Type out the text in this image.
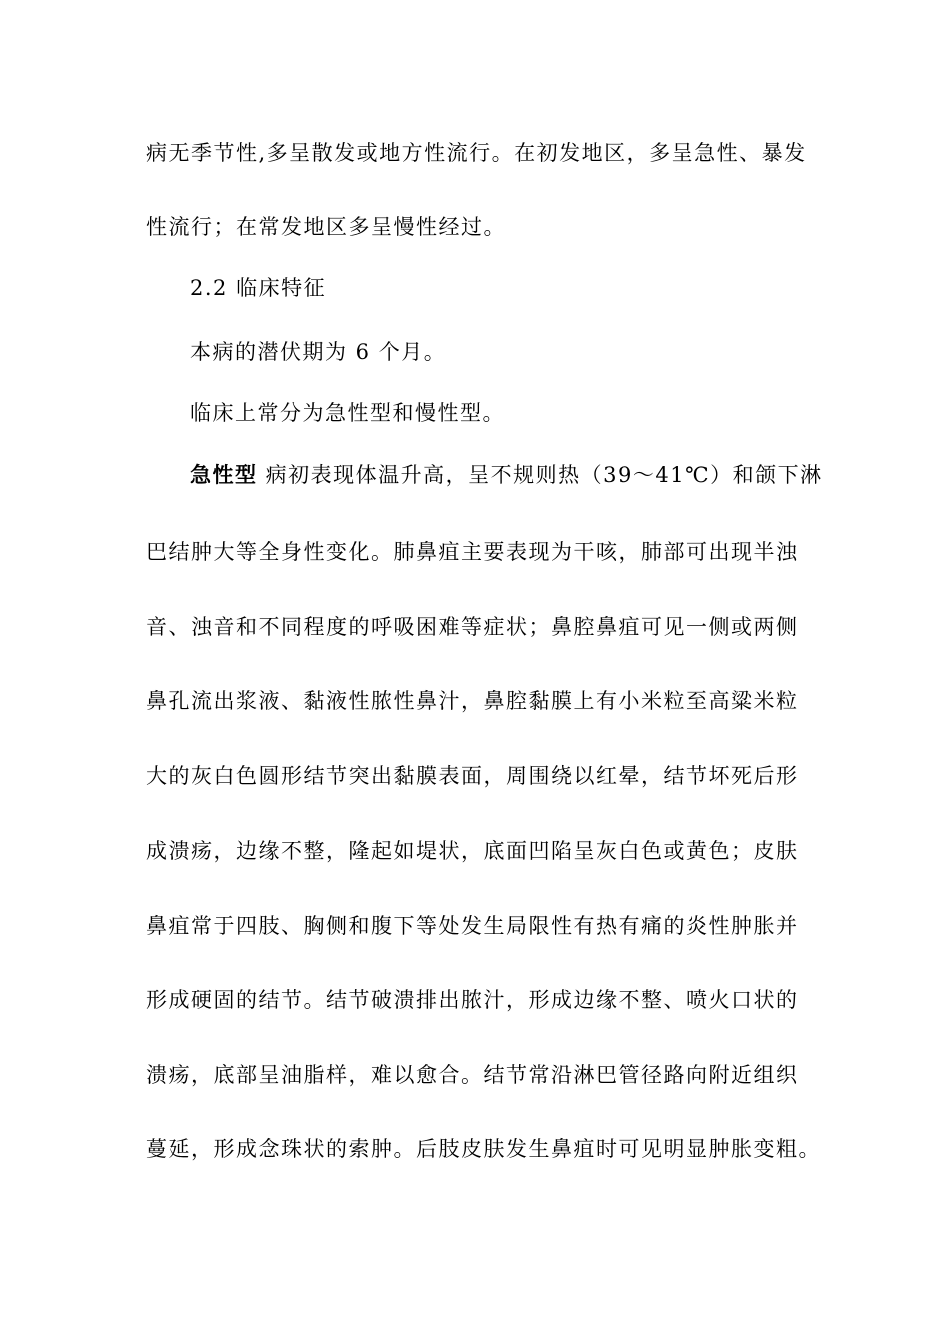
病无季节性,多呈散发或地方性流行。在初发地区，多呈急性、暴发
性流行；在常发地区多呈慢性经过。
2.2 临床特征
本病的潜伏期为 6 个月。
临床上常分为急性型和慢性型。
急性型 病初表现体温升高，呈不规则热（39～41℃）和颌下淋
巴结肿大等全身性变化。肺鼻疽主要表现为干咳，肺部可出现半浊
音、浊音和不同程度的呼吸困难等症状；鼻腔鼻疽可见一侧或两侧
鼻孔流出浆液、黏液性脓性鼻汁，鼻腔黏膜上有小米粒至高粱米粒
大的灰白色圆形结节突出黏膜表面，周围绕以红晕，结节坏死后形
成溃疡，边缘不整，隆起如堤状，底面凹陷呈灰白色或黄色；皮肤
鼻疽常于四肢、胸侧和腹下等处发生局限性有热有痛的炎性肿胀并
形成硬固的结节。结节破溃排出脓汁，形成边缘不整、喷火口状的
溃疡，底部呈油脂样，难以愈合。结节常沿淋巴管径路向附近组织
蔓延，形成念珠状的索肿。后肢皮肤发生鼻疽时可见明显肿胀变粗。
